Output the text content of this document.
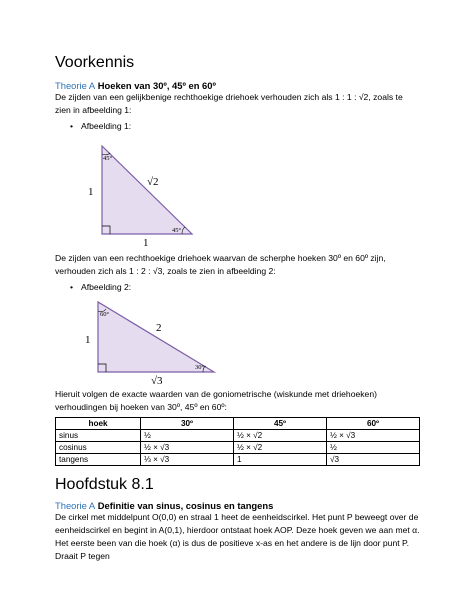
Voorkennis
Theorie A Hoeken van 30º, 45º en 60º
De zijden van een gelijkbenige rechthoekige driehoek verhouden zich als 1 : 1 : √2, zoals te zien in afbeelding 1:
• Afbeelding 1:
45°
45°
√2
1
1
De zijden van een rechthoekige driehoek waarvan de scherphe hoeken 30º en 60º zijn, verhouden zich als 1 : 2 : √3, zoals te zien in afbeelding 2:
• Afbeelding 2:
60°
30°
2
1
√3
Hieruit volgen de exacte waarden van de goniometrische (wiskunde met driehoeken) verhoudingen bij hoeken van 30º, 45º en 60º:
hoek	30º	45º	60º
sinus	½	½ × √2	½ × √3
cosinus	½ × √3	½ × √2	½
tangens	⅓ × √3	1	√3
Hoofdstuk 8.1
Theorie A Definitie van sinus, cosinus en tangens
De cirkel met middelpunt O(0,0) en straal 1 heet de eenheidscirkel. Het punt P beweegt over de eenheidscirkel en begint in A(0,1), hierdoor ontstaat hoek AOP. Deze hoek geven we aan met α. Het eerste been van die hoek (α) is dus de positieve x-as en het andere is de lijn door punt P. Draait P tegen
